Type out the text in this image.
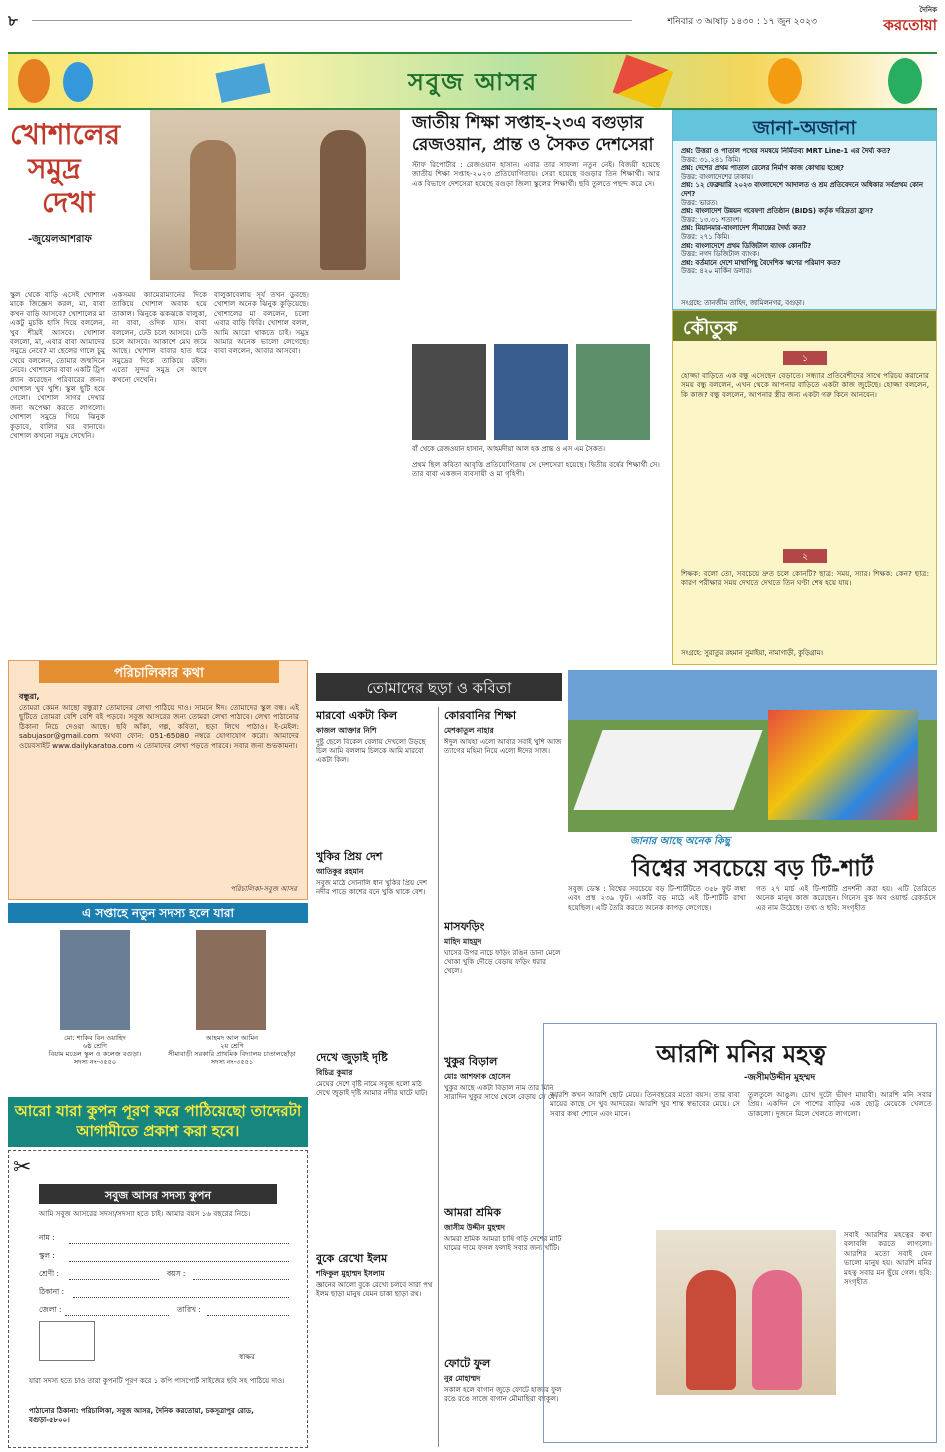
৮	শনিবার ৩ আষাঢ় ১৪৩০ : ১৭ জুন ২০২৩
দৈনিক
করতোয়া
সবুজ আসর
খোশালের
সমুদ্র
দেখা
-জুয়েলআশরাফ
স্কুল থেকে বাড়ি এসেই খোশাল মাকে জিজ্ঞেস করল, মা, বাবা কখন বাড়ি আসবে? খোশালের মা একটু মুচকি হাসি দিয়ে বললেন, খুব শীঘ্রই আসবে। খোশাল বললো, মা, এবার বাবা আমাদের সমুদ্রে নেবে? মা ছেলের গালে চুমু খেয়ে বললেন, তোমার জন্মদিনে নেবে। খোশালের বাবা একটি ট্রিপ প্ল্যান করেছেন পরিবারের জন্য। খোশাল খুব খুশি। স্কুল ছুটি হয়ে গেলো। খোশাল সাগর দেখার জন্য অপেক্ষা করতে লাগলো। খোশাল সমুদ্রে গিয়ে ঝিনুক কুড়াবে, বালির ঘর বানাবে। খোশাল কখনো সমুদ্র দেখেনি।
একসময় ক্যামেরাম্যানের দিকে তাকিয়ে খোশাল অবাক হয়ে তাকাল। ঝিনুকে ঝকঝকে বালুকা, না বাবা, ওদিক যাস। বাবা বললেন, ঢেউ চলে আসবে। ঢেউ চলে আসবে। আকাশে মেঘ জমে আছে। খোশাল বাবার হাত ধরে সমুদ্রের দিকে তাকিয়ে রইল। এতো সুন্দর সমুদ্র সে আগে কখনো দেখেনি।
বালুকাবেলায় সূর্য তখন ডুবছে। খোশাল অনেক ঝিনুক কুড়িয়েছে। খোশালের মা বললেন, চলো এবার বাড়ি ফিরি। খোশাল বলল, আমি আরো থাকতে চাই। সমুদ্র আমার অনেক ভালো লেগেছে। বাবা বললেন, আবার আসবো।
জাতীয় শিক্ষা সপ্তাহ-২৩এ বগুড়ার
রেজওয়ান, প্রান্ত ও সৈকত দেশসেরা
স্টাফ রিপোর্টার : রেজওয়ান হাসান। এবার তার সাফল্য নতুন নেই। বিজয়ী হয়েছে জাতীয় শিক্ষা সপ্তাহ-২০২৩ প্রতিযোগিতায়। সেরা হয়েছে বগুড়ার তিন শিক্ষার্থী। আর এক বিভাগে দেশসেরা হয়েছে বগুড়া জিলা স্কুলের শিক্ষার্থী। ছবি তুলতে পছন্দ করে সে।
বাঁ থেকে রেজওয়ান হাসান, আহমদীয়া আল হক প্রান্ত ও এস এম সৈকত।
প্রথম ছিল কবিতা আবৃত্তি প্রতিযোগিতায় সে দেশসেরা হয়েছে। দ্বিতীয় বর্ষের শিক্ষার্থী সে। তার বাবা একজন ব্যবসায়ী ও মা গৃহিণী।
জানা-অজানা
প্রশ্ন: উত্তরা ও পাতাল পথের সমন্বয়ে নির্মিতব্য MRT Line-1 এর দৈর্ঘ্য কত?
উত্তর: ৩১.২৪১ কিমি।
প্রশ্ন: দেশের প্রথম পাতাল রেলের নির্মাণ কাজ কোথায় হচ্ছে?
উত্তর: বাংলাদেশের ঢাকায়।
প্রশ্ন: ১২ ফেব্রুয়ারি ২০২৩ বাংলাদেশে আদালত ও শ্রম প্রতিবেদনে অধিকার সর্বপ্রথম কোন দেশ?
উত্তর: ভারত।
প্রশ্ন: বাংলাদেশ উন্নয়ন গবেষণা প্রতিষ্ঠান (BIDS) কর্তৃক দরিদ্রতা হ্রাস?
উত্তর: ১৩.৩১ শতাংশ।
প্রশ্ন: মিয়ানমার-বাংলাদেশ সীমান্তের দৈর্ঘ্য কত?
উত্তর: ২৭১ কিমি।
প্রশ্ন: বাংলাদেশে প্রথম ডিজিটাল ব্যাংক কোনটি?
উত্তর: নগদ ডিজিটাল ব্যাংক।
প্রশ্ন: বর্তমানে দেশে মাথাপিছু বৈদেশিক ঋণের পরিমাণ কত?
উত্তর: ৪২০ মার্কিন ডলার।
সংগ্রহে: তানজীম তাহিদ, জামিলনগর, বগুড়া।
কৌতুক
১
হোজ্জা বাড়িতে এক বন্ধু এসেছেন বেড়াতে। সন্ধ্যার প্রতিবেশীদের সাথে পরিচয় করানোর সময় বন্ধু বললেন, এখন থেকে আপনার বাড়িতে একটা কাজ জুটেছে। হোজ্জা বললেন, কি কাজ? বন্ধু বললেন, আপনার স্ত্রীর জন্য একটা গরু কিনে আনবেন।
২
শিক্ষক: বলো তো, সবচেয়ে দ্রুত চলে কোনটি? ছাত্র: সময়, স্যার। শিক্ষক: কেন? ছাত্র: কারণ পরীক্ষার সময় দেখতে দেখতে তিন ঘণ্টা শেষ হয়ে যায়।
সংগ্রহে: সুরাতুর রহমান সুমাইয়া, নামাগাড়ী, কুড়িগ্রাম।
পরিচালিকার কথা
বন্ধুরা,
তোমরা কেমন আছো বন্ধুরা? তোমাদের লেখা পাঠিয়ে দাও। সামনে ঈদ। তোমাদের স্কুল বন্ধ। এই ছুটিতে তোমরা বেশি বেশি বই পড়বে। সবুজ আসরের জন্য তোমরা লেখা পাঠাবে। লেখা পাঠানোর ঠিকানা নিচে দেওয়া আছে। ছবি আঁকা, গল্প, কবিতা, ছড়া লিখে পাঠাও। ই-মেইল: sabujasor@gmail.com অথবা ফোন: 051-65080 নম্বরে যোগাযোগ করো। আমাদের ওয়েবসাইট www.dailykaratoa.com এ তোমাদের লেখা পড়তে পারবে। সবার জন্য শুভকামনা।
পরিচালিকা-সবুজ আসর
এ সপ্তাহে নতুন সদস্য হলে যারা
মো: শাকিব বিন ওয়াহিদ
৬ষ্ঠ শ্রেণি
বিয়াম মডেল স্কুল ও কলেজ বগুড়া।
সদস্য নং-৩৫৫০
আহমদ আল আমিন
২য় শ্রেণি
সীমাবাড়ী সরকারি প্রাথমিক বিদ্যালয় চাতালছোঁড়া
সদস্য নং-৩৫৫১
আরো যারা কুপন পূরণ করে পাঠিয়েছো তাদেরটা আগামীতে প্রকাশ করা হবে।
✂
সবুজ আসর সদস্য কুপন
আমি সবুজ আসরের সদস্য/সদস্যা হতে চাই। আমার বয়স ১৬ বছরের নিচে।
নাম :
স্কুল :
শ্রেণী :	বয়স :
ঠিকানা :
জেলা :	তারিখ :
স্বাক্ষর
যারা সদস্য হতে চাও তারা কুপনটি পূরণ করে ১ কপি পাসপোর্ট সাইজের ছবি সহ পাঠিয়ে দাও।
পাঠানোর ঠিকানা: পরিচালিকা, সবুজ আসর, দৈনিক করতোয়া, চকসূত্রাপুর রোড, বগুড়া-৫৮০০।
তোমাদের ছড়া ও কবিতা
মারবো একটা কিল
কাজল আক্তার নিশি
দুষ্টু ছেলে বিকেল বেলায় দেখলো উড়ছে চিল আমি বললাম চিলকে আমি মারবো একটা কিল।
খুকির প্রিয় দেশ
আতিকুর রহমান
সবুজ মাঠে সোনালি ধান খুকির প্রিয় দেশ নদীর পাড়ে কাশের বনে খুকি থাকে বেশ।
দেখে জুড়াই দৃষ্টি
বিচিত্র কুমার
মেঘের দেশে বৃষ্টি নামে সবুজ হলো মাঠ দেখে জুড়াই দৃষ্টি আমার নদীর ঘাটে ঘাট।
বুকে রেখো ইলম
শফিকুল মুহাম্মদ ইসলাম
জ্ঞানের আলো বুকে রেখো চলবে সারা পথ ইলম ছাড়া মানুষ যেমন চাকা ছাড়া রথ।
কোরবানির শিক্ষা
মেশকাতুল নাহার
ঈদুল আযহা এলো আবার সবাই খুশি আজ ত্যাগের মহিমা নিয়ে এলো ঈদের সাজ।
মাসফড়িং
মাহিদ মাহমুদ
ঘাসের উপর নাচে ফড়িং রঙিন ডানা মেলে খোকা খুকি দৌড়ে বেড়ায় ফড়িং ধরার খেলে।
খুকুর বিড়াল
মোঃ আশফাক হোসেন
খুকুর আছে একটা বিড়াল নাম তার মিনি সারাদিন খুকুর সাথে খেলে বেড়ায় সে যে।
আমরা শ্রমিক
জাসীম উদ্দীন মুহম্মদ
আমরা শ্রমিক আমরা চাষি গড়ি দেশের মাটি ঘামের দামে ফসল ফলাই সবার জন্য খাঁটি।
ফোটে ফুল
নুর মোহাম্মদ
সকাল হলে বাগান জুড়ে ফোটে হাজার ফুল রঙে রঙে সাজে বাগান মৌমাছিরা ব্যাকুল।
জানার আছে অনেক কিছু
বিশ্বের সবচেয়ে বড় টি-শার্ট
সবুজ ডেস্ক : বিশ্বের সবচেয়ে বড় টি-শার্টটিতে ৩৫৮ ফুট লম্বা এবং প্রস্থ ২৩৯ ফুট। একটি বড় মাঠে এই টি-শার্টটি রাখা হয়েছিল। এটি তৈরি করতে অনেক কাপড় লেগেছে।
গত ২৭ মার্চ এই টি-শার্টটি প্রদর্শনী করা হয়। এটি তৈরিতে অনেক মানুষ কাজ করেছেন। গিনেস বুক অব ওয়ার্ল্ড রেকর্ডসে এর নাম উঠেছে। তথ্য ও ছবি: সংগৃহীত
আরশি মনির মহত্ব
-জসীমউদ্দীন মুহম্মদ
আরশি কখন আরশি ছোট মেয়ে। তিনবছরের মতো বয়স। তার বাবা মায়ের কাছে সে খুব আদরের। আরশি খুব শান্ত স্বভাবের মেয়ে। সে সবার কথা শোনে এবং মানে।
তুলতুলে আঙুল। চোখ দুটো ভীষণ মায়াবী। আরশি মনি সবার প্রিয়। একদিন সে পাশের বাড়ির এক ছোট্ট মেয়েকে খেলতে ডাকলো। দুজনে মিলে খেলতে লাগলো।
সবাই আরশির মহত্বের কথা বলাবলি করতে লাগলো। আরশির মতো সবাই যেন ভালো মানুষ হয়। আরশি মনির মহত্ব সবার মন ছুঁয়ে গেল। ছবি: সংগৃহীত
